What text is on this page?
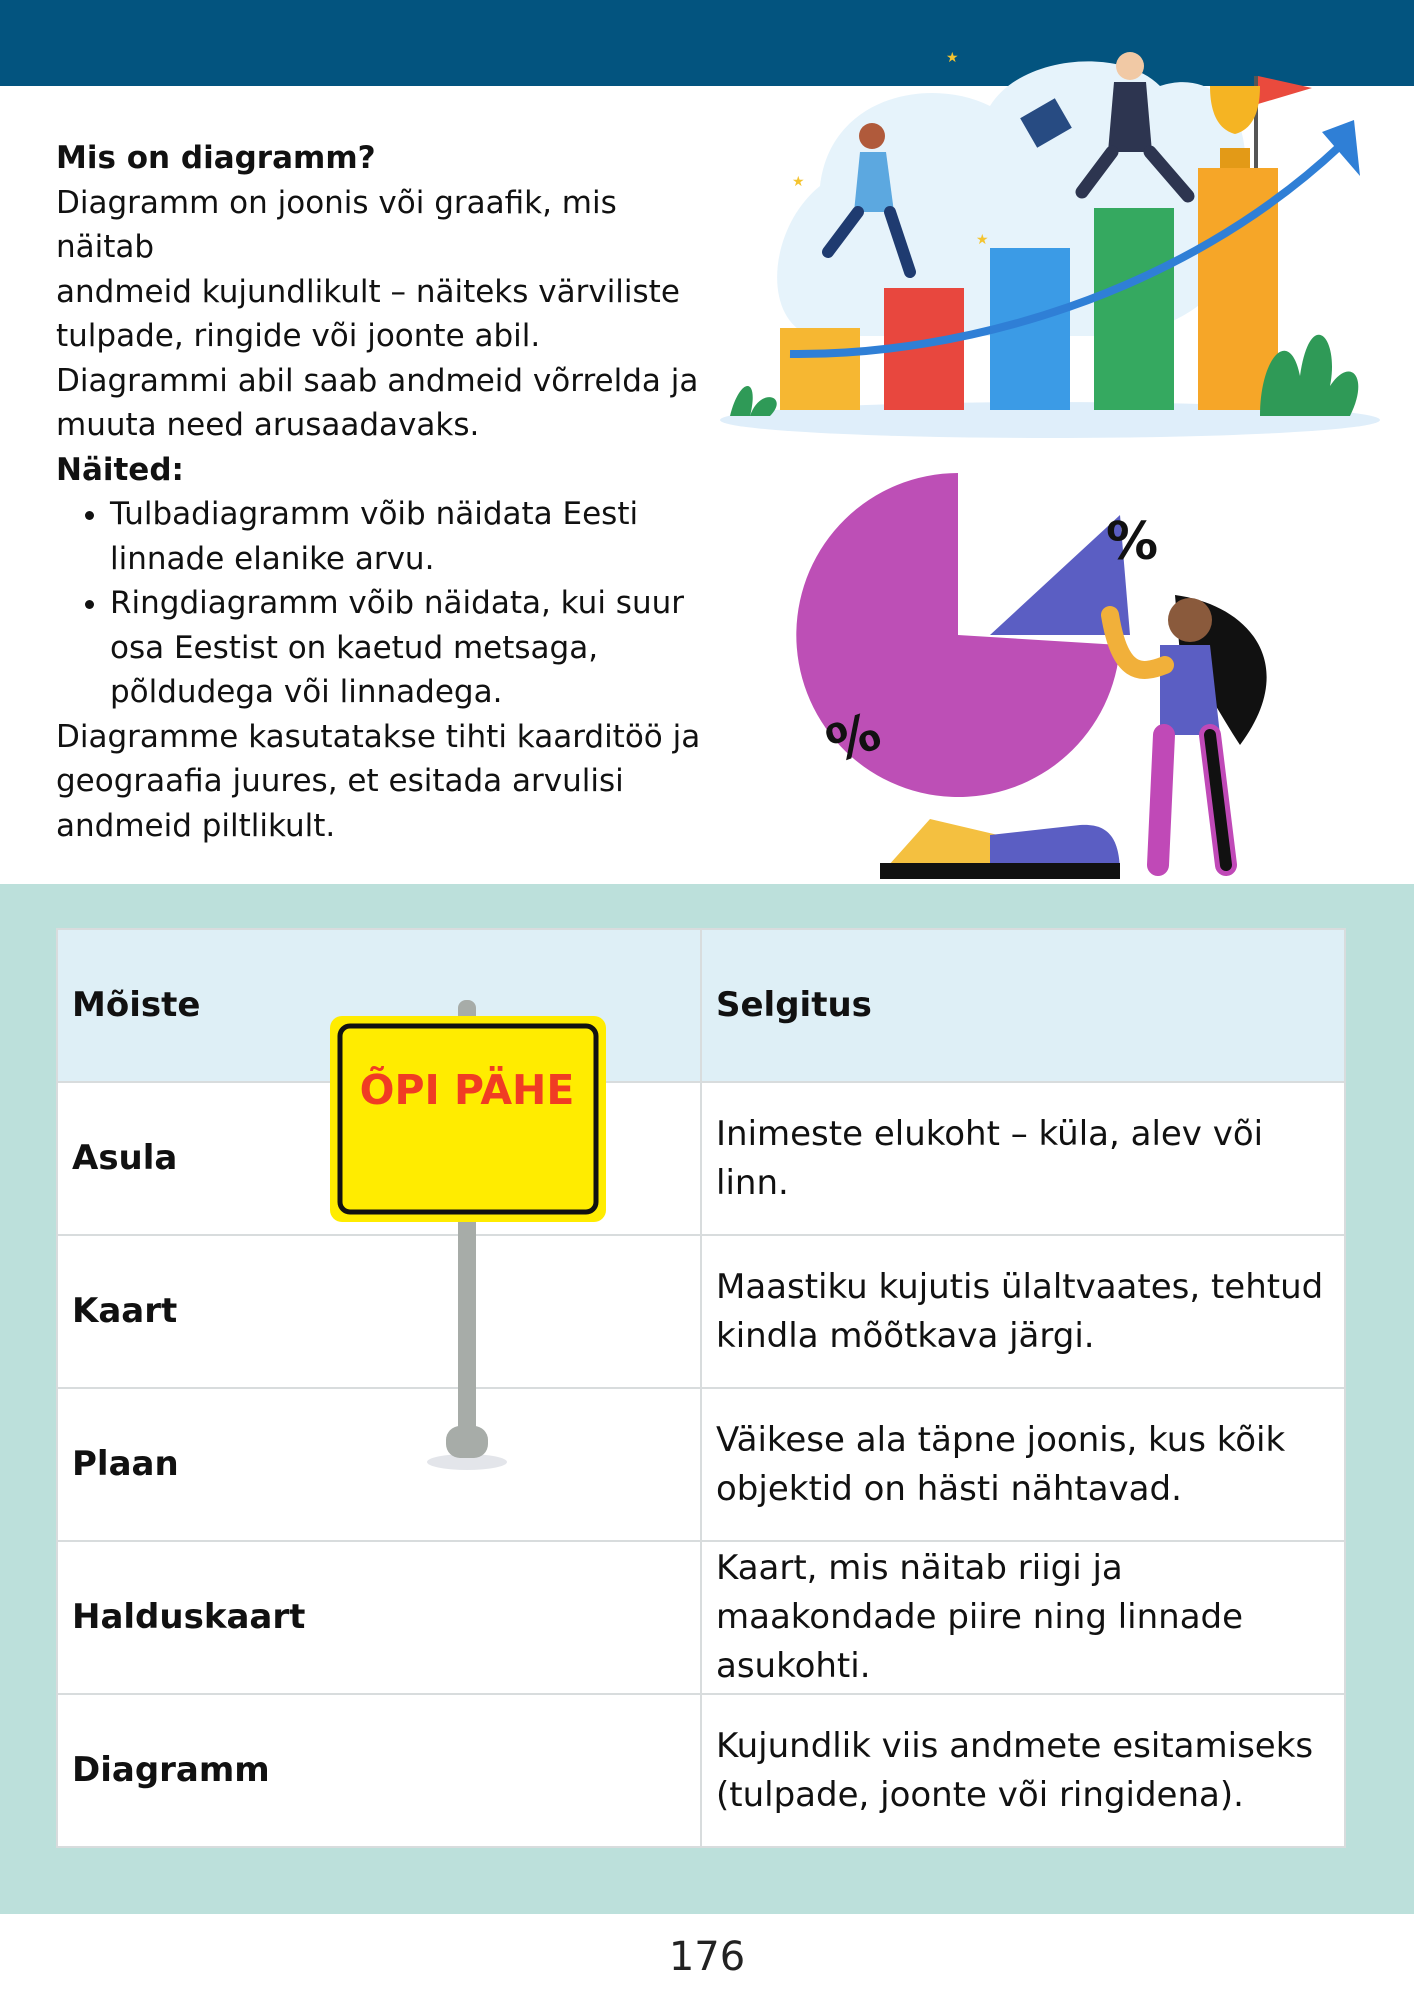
Mis on diagramm?

Diagramm on joonis või graafik, mis näitab

andmeid kujundlikult – näiteks värviliste

tulpade, ringide või joonte abil.

Diagrammi abil saab andmeid võrrelda ja

muuta need arusaadavaks.

Näited:

• Tulbadiagramm võib näidata Eesti linnade elanike arvu.
• Ringdiagramm võib näidata, kui suur osa Eestist on kaetud metsaga, põldudega või linnadega.

Diagramme kasutatakse tihti kaarditöö ja geograafia juures, et esitada arvulisi andmeid piltlikult.

★
★
★
%
%
Mõiste	Selgitus
Asula	Inimeste elukoht – küla, alev või linn.
Kaart	Maastiku kujutis ülaltvaates, tehtud kindla mõõtkava järgi.
Plaan	Väikese ala täpne joonis, kus kõik objektid on hästi nähtavad.
Halduskaart	Kaart, mis näitab riigi ja maakondade piire ning linnade asukohti.
Diagramm	Kujundlik viis andmete esitamiseks (tulpade, joonte või ringidena).
ÕPI PÄHE
176
